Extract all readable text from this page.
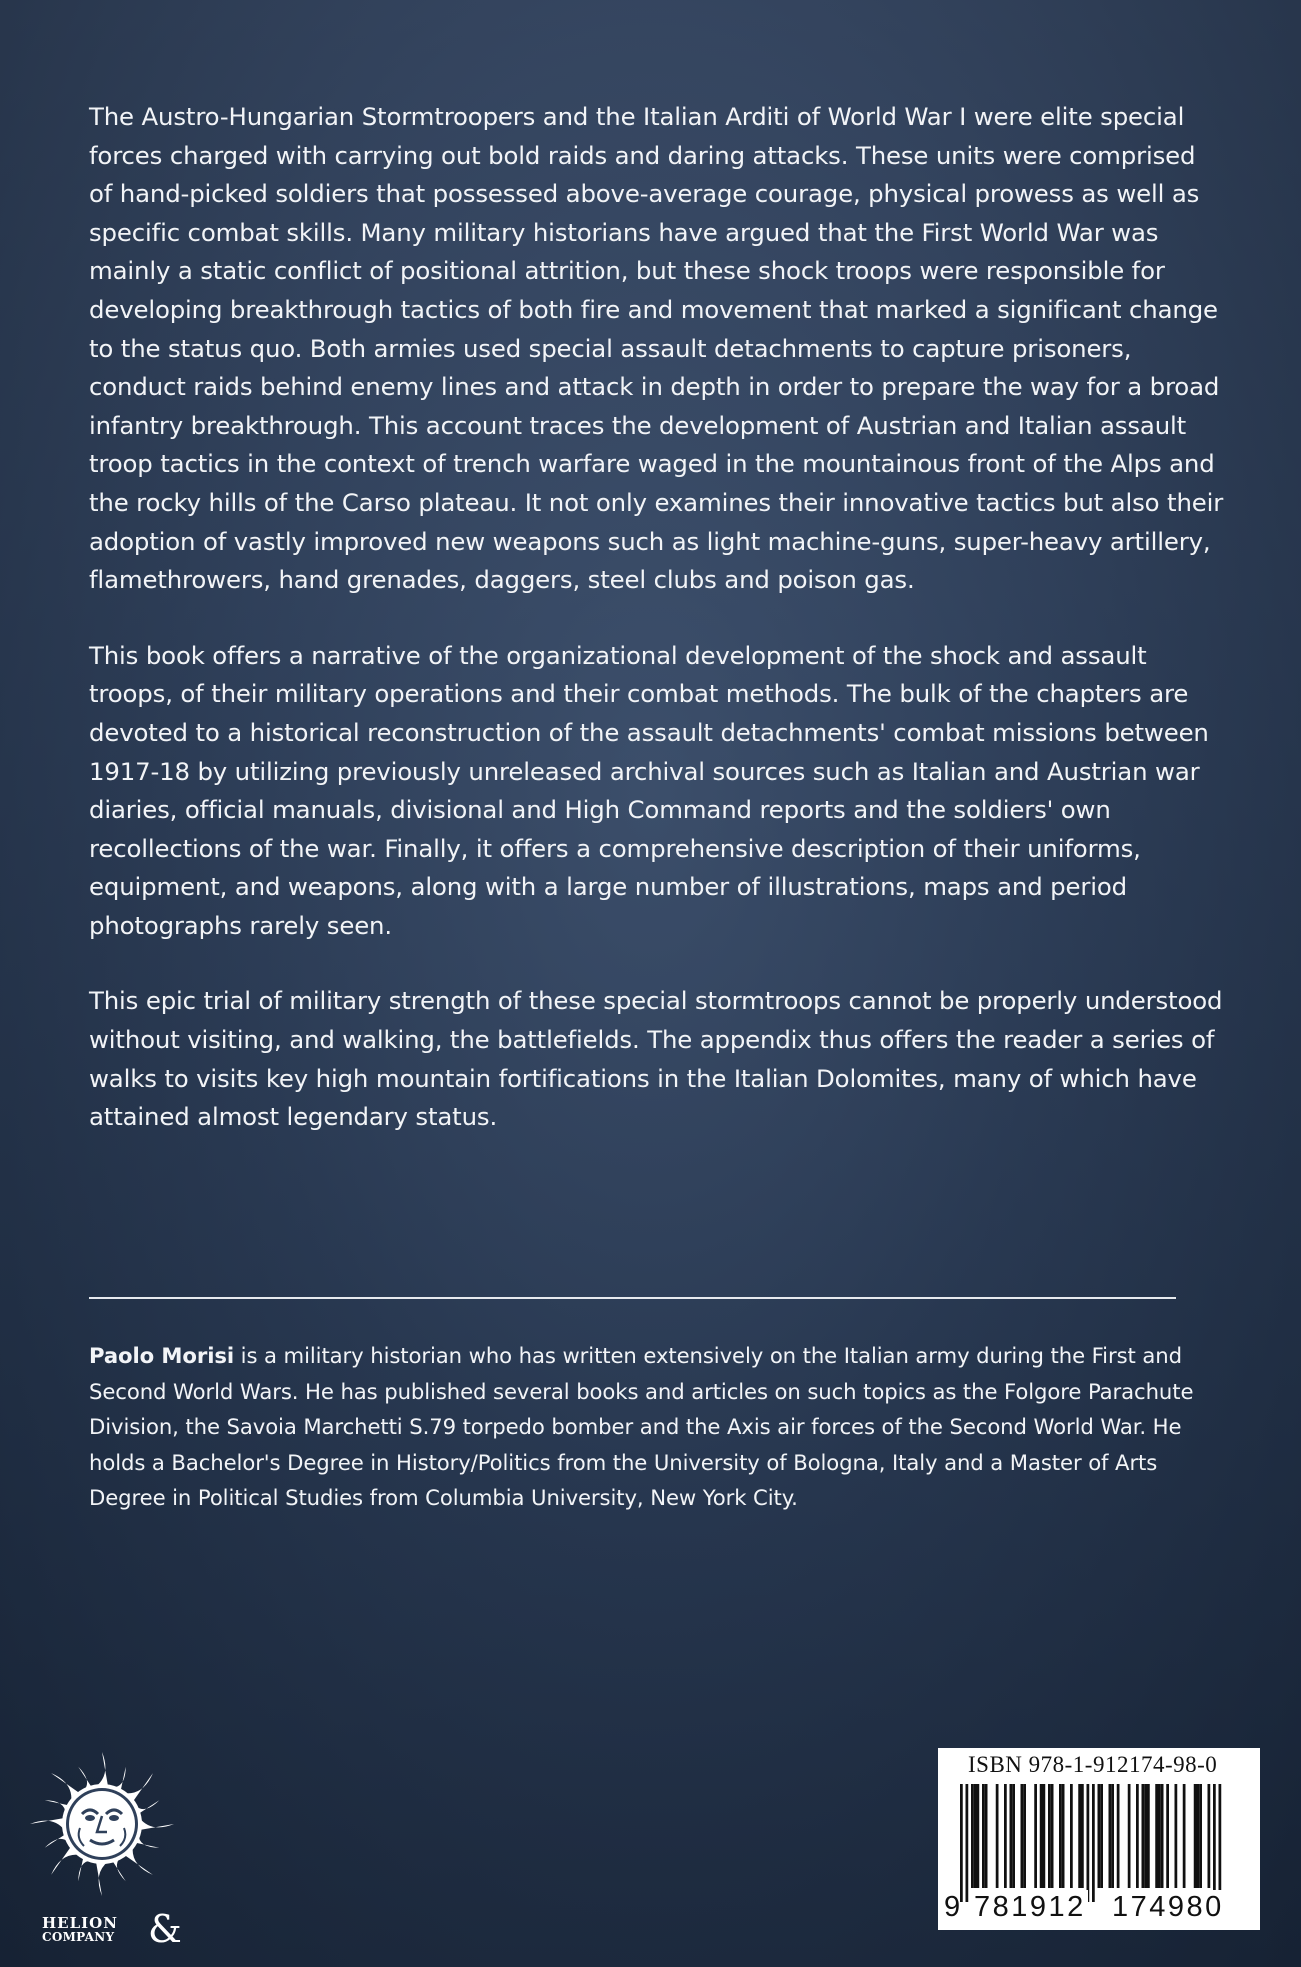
The Austro-Hungarian Stormtroopers and the Italian Arditi of World War I were elite special forces charged with carrying out bold raids and daring attacks. These units were comprised of hand-picked soldiers that possessed above-average courage, physical prowess as well as specific combat skills. Many military historians have argued that the First World War was mainly a static conflict of positional attrition, but these shock troops were responsible for developing breakthrough tactics of both fire and movement that marked a significant change to the status quo. Both armies used special assault detachments to capture prisoners, conduct raids behind enemy lines and attack in depth in order to prepare the way for a broad infantry breakthrough. This account traces the development of Austrian and Italian assault troop tactics in the context of trench warfare waged in the mountainous front of the Alps and the rocky hills of the Carso plateau. It not only examines their innovative tactics but also their adoption of vastly improved new weapons such as light machine-guns, super-heavy artillery, flamethrowers, hand grenades, daggers, steel clubs and poison gas.

This book offers a narrative of the organizational development of the shock and assault troops, of their military operations and their combat methods. The bulk of the chapters are devoted to a historical reconstruction of the assault detachments' combat missions between 1917-18 by utilizing previously unreleased archival sources such as Italian and Austrian war diaries, official manuals, divisional and High Command reports and the soldiers' own recollections of the war. Finally, it offers a comprehensive description of their uniforms, equipment, and weapons, along with a large number of illustrations, maps and period photographs rarely seen.

This epic trial of military strength of these special stormtroops cannot be properly understood without visiting, and walking, the battlefields. The appendix thus offers the reader a series of walks to visits key high mountain fortifications in the Italian Dolomites, many of which have attained almost legendary status.

Paolo Morisi is a military historian who has written extensively on the Italian army during the First and Second World Wars. He has published several books and articles on such topics as the Folgore Parachute Division, the Savoia Marchetti S.79 torpedo bomber and the Axis air forces of the Second World War. He holds a Bachelor's Degree in History/Politics from the University of Bologna, Italy and a Master of Arts Degree in Political Studies from Columbia University, New York City.

HELION
COMPANY &
ISBN 978-1-912174-98-0
9 781912 174980
